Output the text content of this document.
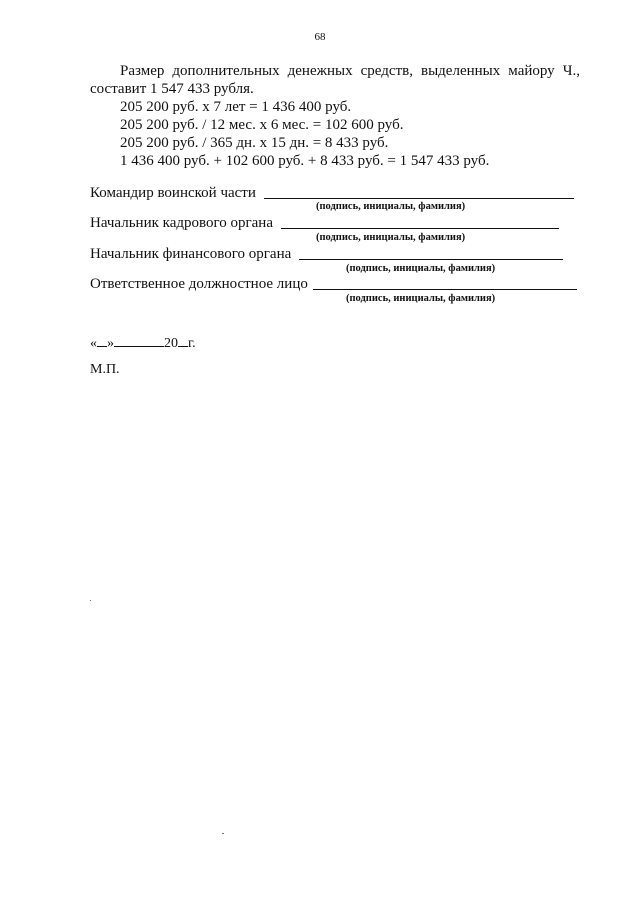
68
Размер дополнительных денежных средств, выделенных майору Ч.,
составит 1 547 433 рубля.
205 200 руб. х 7 лет = 1 436 400 руб.
205 200 руб. / 12 мес. х 6 мес. = 102 600 руб.
205 200 руб. / 365 дн. х 15 дн. = 8 433 руб.
1 436 400 руб. + 102 600 руб. + 8 433 руб. = 1 547 433 руб.
Командир воинской части
(подпись, инициалы, фамилия)
Начальник кадрового органа
(подпись, инициалы, фамилия)
Начальник финансового органа
(подпись, инициалы, фамилия)
Ответственное должностное лицо
(подпись, инициалы, фамилия)
« »	20 г.
М.П.
